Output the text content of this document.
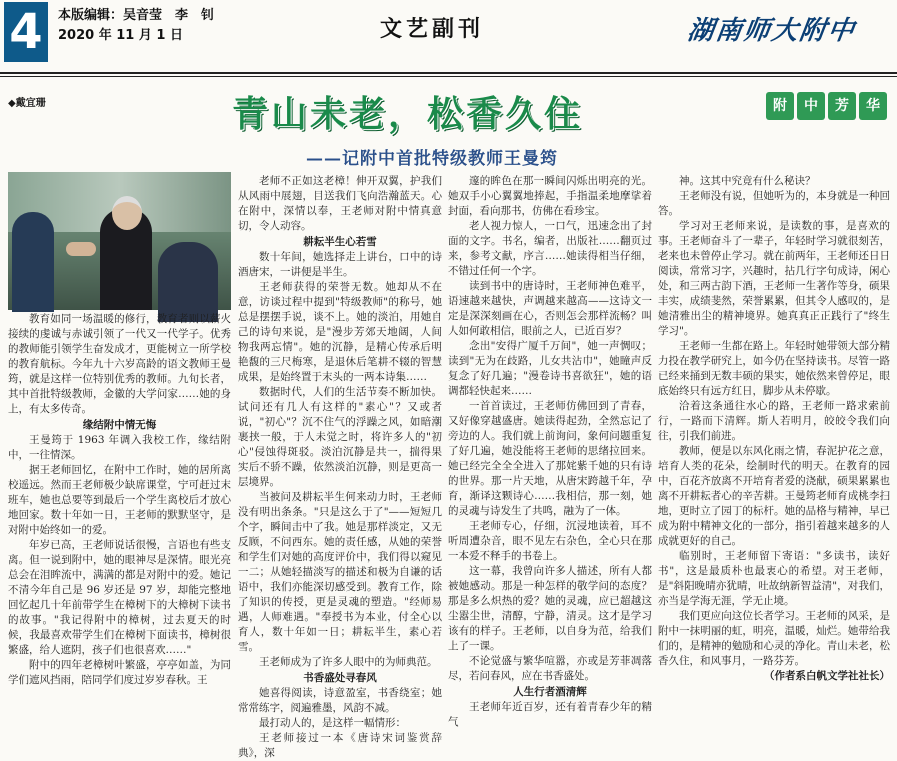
4	本版编辑：吴音莹　李　钊
2020 年 11 月 1 日	文艺副刊	湖南师大附中
◆戴宜珊	青山未老，松香久住
——记附中首批特级教师王曼筠
附	中	芳	华

教育如同一场温暖的修行，教育者则以薪火接续的虔诚与赤诚引领了一代又一代学子。优秀的教师能引领学生奋发成才，更能树立一所学校的教育航标。今年九十六岁高龄的语文教师王曼筠，就是这样一位特别优秀的教师。九旬长者，其中首批特级教师，金徽的大学问家……她的身上，有太多传奇。

缘结附中情无悔

王曼筠于 1963 年调入我校工作，缘结附中，一往情深。

据王老师回忆，在附中工作时，她的居所离校遥远。然而王老师极少缺席课堂，宁可赶过末班车，她也总要等到最后一个学生离校后才放心地回家。数十年如一日，王老师的默默坚守，是对附中始终如一的爱。

年岁已高，王老师说话很慢，言语也有些支离。但一说到附中，她的眼神尽是深情。眼光亮总会在泪眸流中，满满的都是对附中的爱。她记不清今年自己是 96 岁还是 97 岁，却能完整地回忆起几十年前带学生在樟树下的大樟树下读书的故事。"我记得附中的樟树，过去夏天的时候，我最喜欢带学生们在樟树下面读书，樟树很繁盛，给人遮阴，孩子们也很喜欢……"

附中的四年老樟树叶繁盛，亭亭如盖，为同学们遮风挡雨，陪同学们度过岁岁春秋。王

老师不正如这老樟！伸开双翼，护我们从风雨中展翅，目送我们飞向浩瀚蓝天。心在附中，深情以奉，王老师对附中情真意切，令人动容。

耕耘半生心若雪

数十年间，她选择走上讲台，口中的诗酒唐宋，一讲便是半生。

王老师获得的荣誉无数。她却从不在意，访谈过程中提到"特级教师"的称号，她总是摆摆手说，谈不上。她的淡泊，用她自己的诗句来说，是"漫步芳郊天地阔，人间物我两忘情"。她的沉静，是精心传承后明艳馥的三尺梅寒，是退休后笔耕不辍的智慧成果，是始终置于末头的一两本诗集……

数据时代，人们的生活节奏不断加快。试问还有几人有这样的"素心"？又或者说，"初心"？沉不住气的浮躁之风，如暗潮裹挟一般，于人未觉之时，将许多人的"初心"侵蚀得斑驳。淡泊沉静是共一，揣得果实后不骄不躁，依然淡泊沉静，则是更高一层境界。

当被问及耕耘半生何来动力时，王老师没有明出条条。"只是这么于了"——短短几个字，瞬间击中了我。她是那样淡定，又无反顾，不问西东。她的责任感，从她的荣誉和学生们对她的高度评价中，我们得以窥见一二；从她轻描淡写的描述和极为自谦的话语中，我们亦能深切感受到。教育工作，除了知识的传授，更是灵魂的塑造。"经师易遇，人师难遇。"奉授书为本业，付全心以育人，数十年如一日；耕耘半生，素心若雪。

王老师成为了许多人眼中的为师典范。

书香盛处寻春风

她喜得阅读，诗意盈室，书香绕室；她常常练字，阅遍雅墨，风韵不减。

最打动人的，是这样一幅情形：

王老师接过一本《唐诗宋词鉴赏辞典》，深

邃的眸色在那一瞬间闪烁出明亮的光。她双手小心翼翼地捧起，手指温柔地摩挲着封面，看向那书，仿佛在看珍宝。

老人视力惊人，一口气，迅速念出了封面的文字。书名，编者，出版社……翻页过来，参考文献，序言……她读得相当仔细，不错过任何一个字。

读到书中的唐诗时，王老师神色难平，语速越来越快，声调越来越高——这诗文一定是深深刻画在心，否则怎会那样流畅？叫人如何敢相信，眼前之人，已近百岁？

念出"安得广厦千万间"，她一声惆叹；读到"无为在歧路，儿女共沾巾"，她瞳声反复念了好几遍；"漫卷诗书喜欲狂"，她的语调都轻快起来……

一首首读过，王老师仿佛回到了青春，又好像穿越盛唐。她读得起劲，全然忘记了旁边的人。我们就上前询问，象何问题重复了好几遍，她没能将王老师的思绪拉回来。她已经完全全全进入了那姹紫千她的只有诗的世界。那一片天地，从唐宋跨越千年，孕育，渐译这颗诗心……我相信，那一刻，她的灵魂与诗发生了共鸣，融为了一体。

王老师专心，仔细，沉浸地读着，耳不听周遭杂音，眼不见左右杂色，全心只在那一本爱不释手的书卷上。

这一幕，我曾向许多人描述，所有人都被她感动。那是一种怎样的敬学问的态度？那是多么炽热的爱？她的灵魂，应已超越这尘嚣尘世，清醇，宁静，清灵。这才是学习该有的样子。王老师，以自身为范，给我们上了一课。

不论觉盛与繁华喧嚣，亦或是芳菲凋落尽，若问春风，应在书香盛处。

人生行者酒清辉

王老师年近百岁，还有着青春少年的精气

神。这其中究竟有什么秘诀？

王老师没有说，但她听为的，本身就是一种回答。

学习对王老师来说，是读数的事，是喜欢的事。王老师奋斗了一辈子，年轻时学习就很刻苦，老来也未曾停止学习。就在前两年，王老师还日日阅读，常常习字，兴趣时，拈几行字句成诗，闲心处，和三两古韵下酒，王老师一生著作等身，硕果丰实，成绩斐然，荣誉累累，但其令人感叹的，是她清雅出尘的精神境界。她真真正正践行了"终生学习"。

王老师一生都在路上。年轻时她带领大部分精力投在教学研究上，如今仍在坚持读书。尽管一路已经来捅到无数丰硕的果实，她依然来曾停足，眼底始终只有远方红日，脚步从未停歇。

洽着这条通往水心的路，王老师一路求索前行，一路而下清辉。斯人若明月，皎皎令我们向往，引我们前进。

教师，便是以东风化雨之情，春泥护花之意，培育人类的花朵，绘制时代的明天。在教育的园中，百花齐放离不开培育者爱的浇献，硕果累累也离不开耕耘者心的辛苦耕。王曼筠老师育成桃李扫地，更时立了园丁的标杆。她的品格与精神，早已成为附中精神文化的一部分，指引着越来越多的人成就更好的自己。

临别时，王老师留下寄语："多读书，读好书"，这是最质朴也最衷心的希望。对王老师，是"斜阳晚晴亦犹晴，吐故纳新智益清"，对我们，亦当是学海无涯，学无止境。

我们更应向这位长者学习。王老师的风采，是附中一抹明丽的虹，明亮，温暖，灿烂。她带给我们的，是精神的勉励和心灵的净化。青山未老，松香久住，和风事月，一路芬芳。

（作者系白帆文学社社长）
